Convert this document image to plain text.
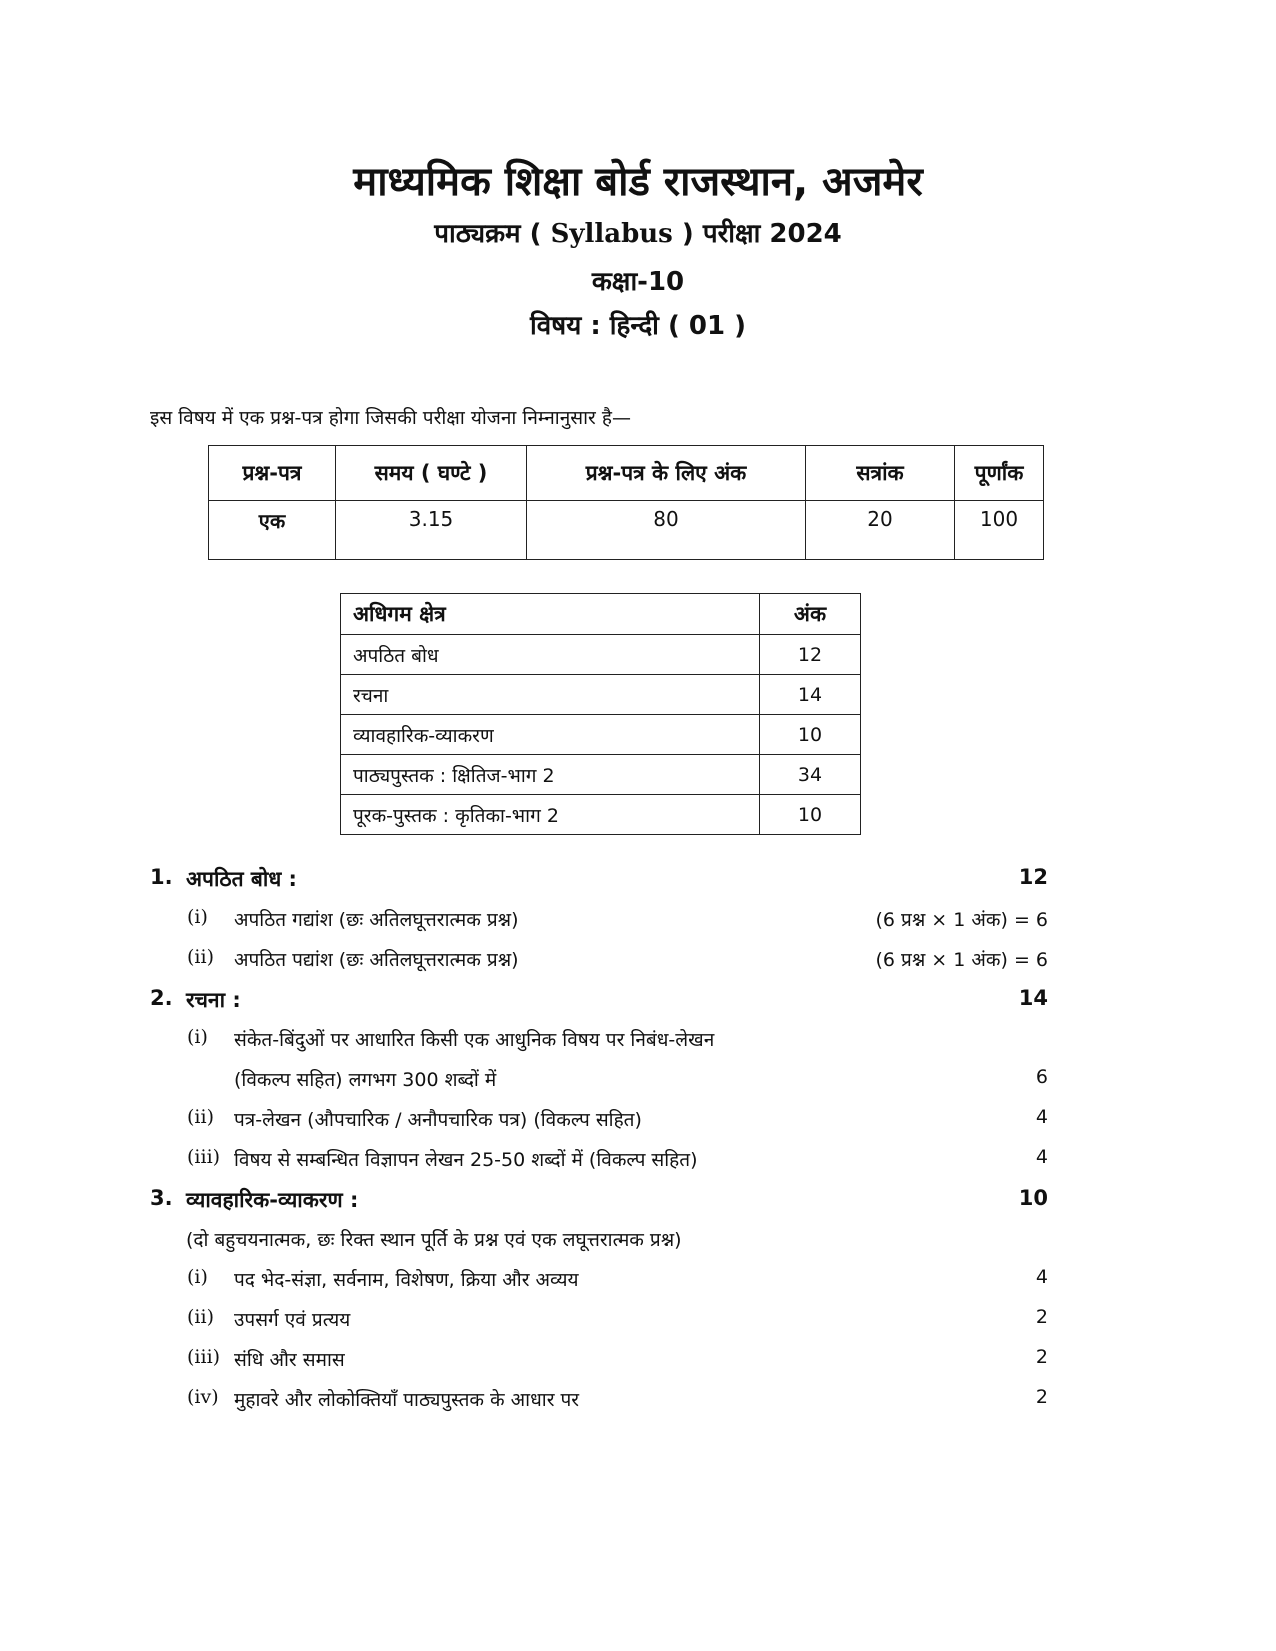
माध्यमिक शिक्षा बोर्ड राजस्थान, अजमेर
पाठ्यक्रम ( Syllabus ) परीक्षा 2024
कक्षा-10
विषय : हिन्दी ( 01 )
इस विषय में एक प्रश्न-पत्र होगा जिसकी परीक्षा योजना निम्नानुसार है—
प्रश्न-पत्र	समय ( घण्टे )	प्रश्न-पत्र के लिए अंक	सत्रांक	पूर्णांक
एक	3.15	80	20	100
अधिगम क्षेत्र	अंक
अपठित बोध	12
रचना	14
व्यावहारिक-व्याकरण	10
पाठ्यपुस्तक : क्षितिज-भाग 2	34
पूरक-पुस्तक : कृतिका-भाग 2	10
1. अपठित बोध :	12
(i) अपठित गद्यांश (छः अतिलघूत्तरात्मक प्रश्न)	(6 प्रश्न × 1 अंक) = 6
(ii) अपठित पद्यांश (छः अतिलघूत्तरात्मक प्रश्न)	(6 प्रश्न × 1 अंक) = 6
2. रचना :	14
(i) संकेत-बिंदुओं पर आधारित किसी एक आधुनिक विषय पर निबंध-लेखन
(विकल्प सहित) लगभग 300 शब्दों में	6
(ii) पत्र-लेखन (औपचारिक / अनौपचारिक पत्र) (विकल्प सहित)	4
(iii) विषय से सम्बन्धित विज्ञापन लेखन 25-50 शब्दों में (विकल्प सहित)	4
3. व्यावहारिक-व्याकरण :	10
(दो बहुचयनात्मक, छः रिक्त स्थान पूर्ति के प्रश्न एवं एक लघूत्तरात्मक प्रश्न)
(i) पद भेद-संज्ञा, सर्वनाम, विशेषण, क्रिया और अव्यय	4
(ii) उपसर्ग एवं प्रत्यय	2
(iii) संधि और समास	2
(iv) मुहावरे और लोकोक्तियाँ पाठ्यपुस्तक के आधार पर	2
